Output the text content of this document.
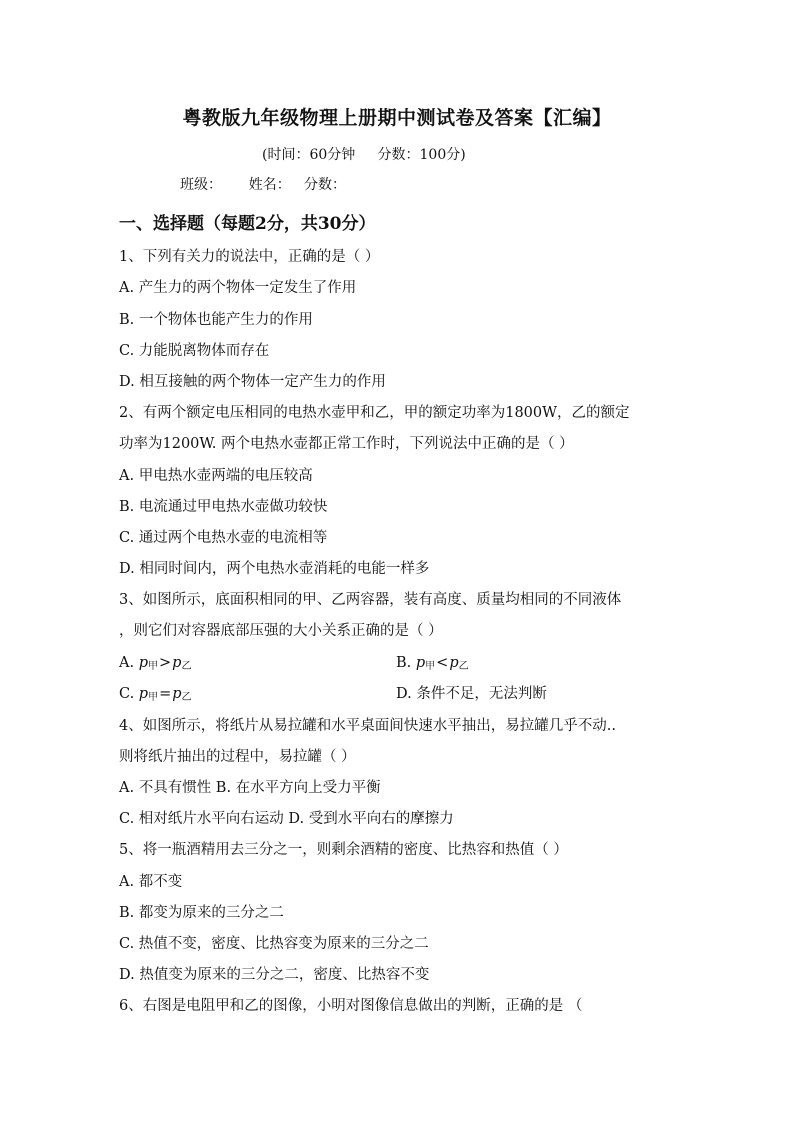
粤教版九年级物理上册期中测试卷及答案【汇编】
(时间：60分钟     分数：100分)
班级：      姓名：   分数：
一、选择题（每题2分，共30分）
1、下列有关力的说法中，正确的是（ ）
A. 产生力的两个物体一定发生了作用
B. 一个物体也能产生力的作用
C. 力能脱离物体而存在
D. 相互接触的两个物体一定产生力的作用
2、有两个额定电压相同的电热水壶甲和乙，甲的额定功率为1800W，乙的额定
功率为1200W. 两个电热水壶都正常工作时，下列说法中正确的是（ ）
A. 甲电热水壶两端的电压较高
B. 电流通过甲电热水壶做功较快
C. 通过两个电热水壶的电流相等
D. 相同时间内，两个电热水壶消耗的电能一样多
3、如图所示，底面积相同的甲、乙两容器，装有高度、质量均相同的不同液体
，则它们对容器底部压强的大小关系正确的是（ ）
A. p甲>p乙	B. p甲<p乙
C. p甲=p乙	D. 条件不足，无法判断
4、如图所示，将纸片从易拉罐和水平桌面间快速水平抽出，易拉罐几乎不动..
则将纸片抽出的过程中，易拉罐（ ）
A. 不具有惯性 B. 在水平方向上受力平衡
C. 相对纸片水平向右运动 D. 受到水平向右的摩擦力
5、将一瓶酒精用去三分之一，则剩余酒精的密度、比热容和热值（ ）
A. 都不变
B. 都变为原来的三分之二
C. 热值不变，密度、比热容变为原来的三分之二
D. 热值变为原来的三分之二，密度、比热容不变
6、右图是电阻甲和乙的图像，小明对图像信息做出的判断，正确的是 （
